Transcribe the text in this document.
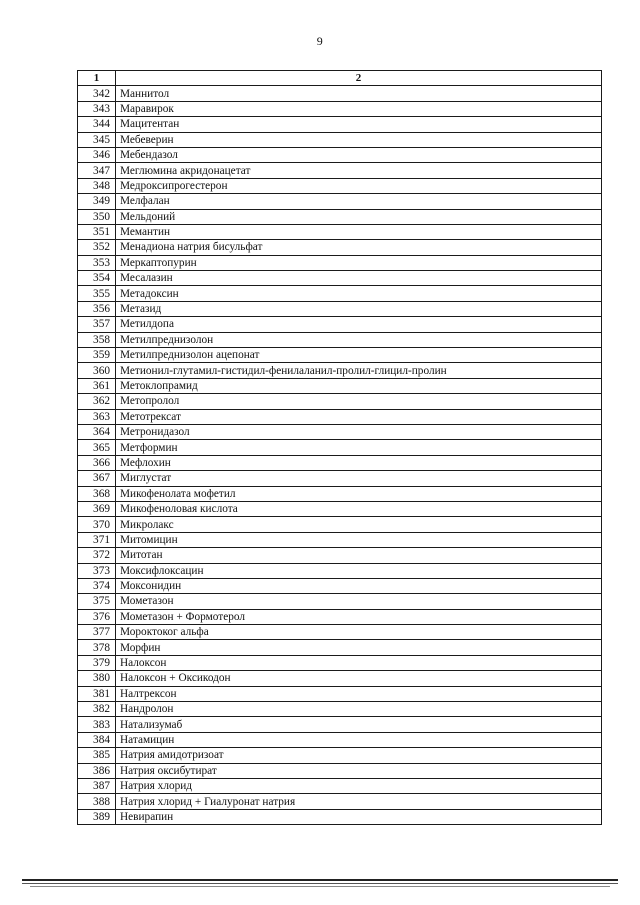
9
1	2
342	Маннитол
343	Маравирок
344	Мацитентан
345	Мебеверин
346	Мебендазол
347	Меглюмина акридонацетат
348	Медроксипрогестерон
349	Мелфалан
350	Мельдоний
351	Мемантин
352	Менадиона натрия бисульфат
353	Меркаптопурин
354	Месалазин
355	Метадоксин
356	Метазид
357	Метилдопа
358	Метилпреднизолон
359	Метилпреднизолон ацепонат
360	Метионил-глутамил-гистидил-фенилаланил-пролил-глицил-пролин
361	Метоклопрамид
362	Метопролол
363	Метотрексат
364	Метронидазол
365	Метформин
366	Мефлохин
367	Миглустат
368	Микофенолата мофетил
369	Микофеноловая кислота
370	Микролакс
371	Митомицин
372	Митотан
373	Моксифлоксацин
374	Моксонидин
375	Мометазон
376	Мометазон + Формотерол
377	Мороктоког альфа
378	Морфин
379	Налоксон
380	Налоксон + Оксикодон
381	Налтрексон
382	Нандролон
383	Натализумаб
384	Натамицин
385	Натрия амидотризоат
386	Натрия оксибутират
387	Натрия хлорид
388	Натрия хлорид + Гиалуронат натрия
389	Невирапин
